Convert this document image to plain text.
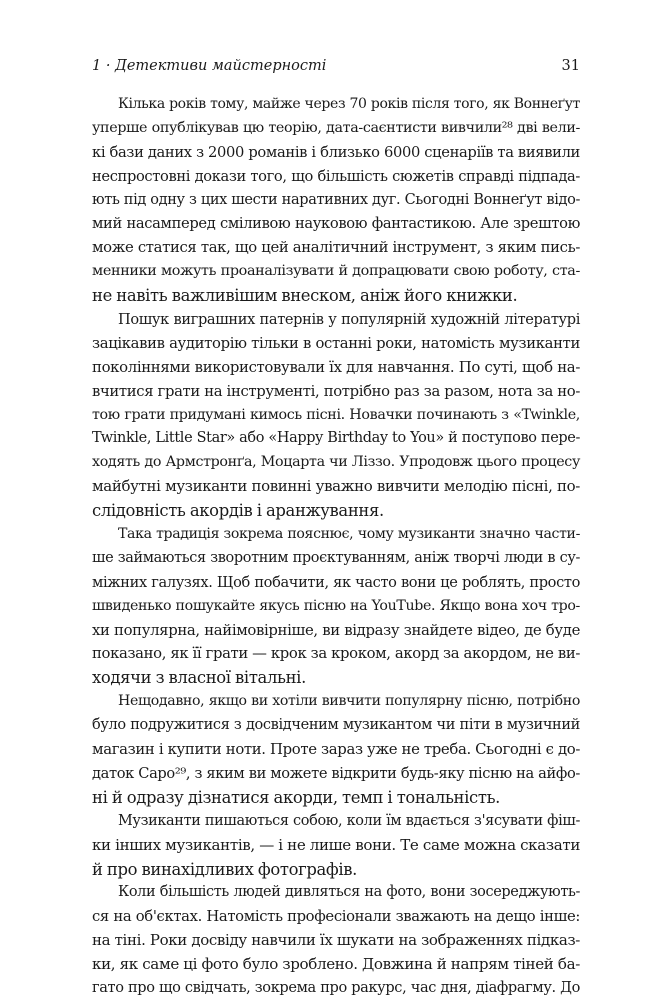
1 · Детективи майстерності	31
Кілька років тому, майже через 70 років після того, як Воннеґут
уперше опублікував цю теорію, дата-саєнтисти вивчили²⁸ дві вели-
кі бази даних з 2000 романів і близько 6000 сценаріїв та виявили
неспростовні докази того, що більшість сюжетів справді підпада-
ють під одну з цих шести наративних дуг. Сьогодні Воннеґут відо-
мий насамперед сміливою науковою фантастикою. Але зрештою
може статися так, що цей аналітичний інструмент, з яким пись-
менники можуть проаналізувати й допрацювати свою роботу, ста-
не навіть важливішим внеском, аніж його книжки.
Пошук виграшних патернів у популярній художній літературі
зацікавив аудиторію тільки в останні роки, натомість музиканти
поколіннями використовували їх для навчання. По суті, щоб на-
вчитися грати на інструменті, потрібно раз за разом, нота за но-
тою грати придумані кимось пісні. Новачки починають з «Twinkle,
Twinkle, Little Star» або «Happy Birthday to You» й поступово пере-
ходять до Армстронґа, Моцарта чи Ліззо. Упродовж цього процесу
майбутні музиканти повинні уважно вивчити мелодію пісні, по-
слідовність акордів і аранжування.
Така традиція зокрема пояснює, чому музиканти значно части-
ше займаються зворотним проєктуванням, аніж творчі люди в су-
міжних галузях. Щоб побачити, як часто вони це роблять, просто
швиденько пошукайте якусь пісню на YouTube. Якщо вона хоч тро-
хи популярна, найімовірніше, ви відразу знайдете відео, де буде
показано, як її грати — крок за кроком, акорд за акордом, не ви-
ходячи з власної вітальні.
Нещодавно, якщо ви хотіли вивчити популярну пісню, потрібно
було подружитися з досвідченим музикантом чи піти в музичний
магазин і купити ноти. Проте зараз уже не треба. Сьогодні є до-
даток Capo²⁹, з яким ви можете відкрити будь-яку пісню на айфо-
ні й одразу дізнатися акорди, темп і тональність.
Музиканти пишаються собою, коли їм вдається з'ясувати фіш-
ки інших музикантів, — і не лише вони. Те саме можна сказати
й про винахідливих фотографів.
Коли більшість людей дивляться на фото, вони зосереджують-
ся на об'єктах. Натомість професіонали зважають на дещо інше:
на тіні. Роки досвіду навчили їх шукати на зображеннях підказ-
ки, як саме ці фото було зроблено. Довжина й напрям тіней ба-
гато про що свідчать, зокрема про ракурс, час дня, діафрагму. До
